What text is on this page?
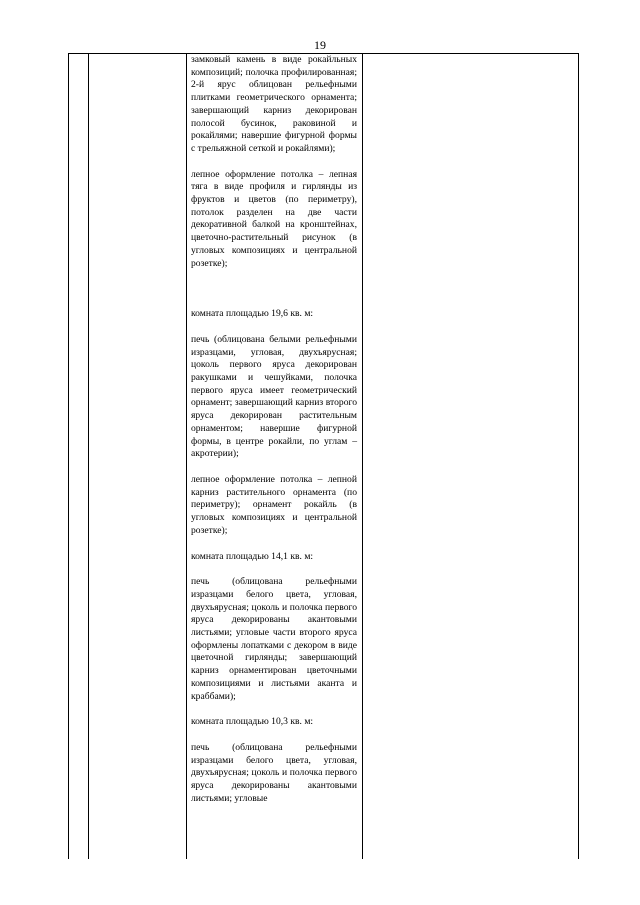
19

замковый камень в виде рокайльных композиций; полочка профилированная; 2-й ярус облицован рельефными плитками геометрического орнамента; завершающий карниз декорирован полосой бусинок, раковиной и рокайлями; навершие фигурной формы с трельяжной сеткой и рокайлями);

лепное оформление потолка – лепная тяга в виде профиля и гирлянды из фруктов и цветов (по периметру), потолок разделен на две части декоративной балкой на кронштейнах, цветочно-растительный рисунок (в угловых композициях и центральной розетке);

комната площадью 19,6 кв. м:

печь (облицована белыми рельефными изразцами, угловая, двухъярусная; цоколь первого яруса декорирован ракушками и чешуйками, полочка первого яруса имеет геометрический орнамент; завершающий карниз второго яруса декорирован растительным орнаментом; навершие фигурной формы, в центре рокайли, по углам – акротерии);

лепное оформление потолка – лепной карниз растительного орнамента (по периметру); орнамент рокайль (в угловых композициях и центральной розетке);

комната площадью 14,1 кв. м:

печь (облицована рельефными изразцами белого цвета, угловая, двухъярусная; цоколь и полочка первого яруса декорированы акантовыми листьями; угловые части второго яруса оформлены лопатками с декором в виде цветочной гирлянды; завершающий карниз орнаментирован цветочными композициями и листьями аканта и краббами);

комната площадью 10,3 кв. м:

печь (облицована рельефными изразцами белого цвета, угловая, двухъярусная; цоколь и полочка первого яруса декорированы акантовыми листьями; угловые
